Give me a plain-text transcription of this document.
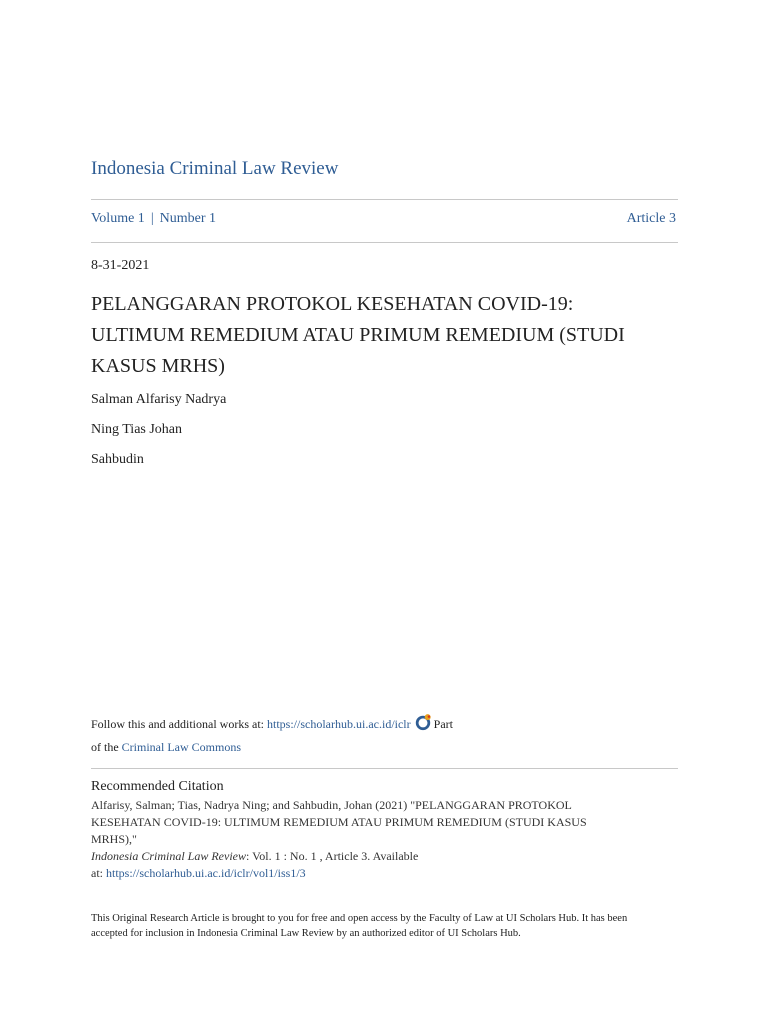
Indonesia Criminal Law Review
Volume 1 | Number 1	Article 3
8-31-2021
PELANGGARAN PROTOKOL KESEHATAN COVID-19: ULTIMUM REMEDIUM ATAU PRIMUM REMEDIUM (STUDI KASUS MRHS)
Salman Alfarisy Nadrya
Ning Tias Johan
Sahbudin
Follow this and additional works at: https://scholarhub.ui.ac.id/iclr Part
of the Criminal Law Commons
Recommended Citation
Alfarisy, Salman; Tias, Nadrya Ning; and Sahbudin, Johan (2021) "PELANGGARAN PROTOKOL KESEHATAN COVID-19: ULTIMUM REMEDIUM ATAU PRIMUM REMEDIUM (STUDI KASUS MRHS),"
Indonesia Criminal Law Review: Vol. 1 : No. 1 , Article 3. Available
at: https://scholarhub.ui.ac.id/iclr/vol1/iss1/3
This Original Research Article is brought to you for free and open access by the Faculty of Law at UI Scholars Hub. It has been accepted for inclusion in Indonesia Criminal Law Review by an authorized editor of UI Scholars Hub.
